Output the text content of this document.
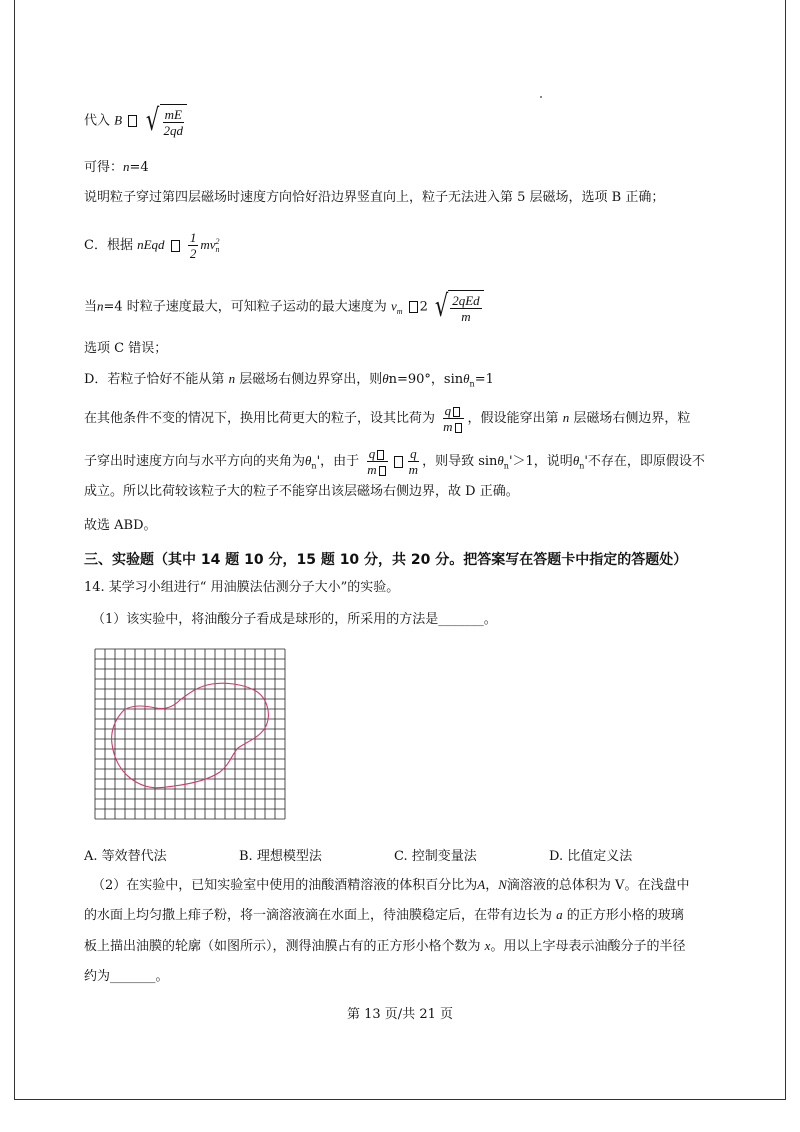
代入 B √ $\frac{mE}{2qd}$
可得：n=4
说明粒子穿过第四层磁场时速度方向恰好沿边界竖直向上，粒子无法进入第 5 层磁场，选项 B 正确；
C．根据 nEqd $\frac{1}{2}$ mv 2
n
当n=4 时粒子速度最大，可知粒子运动的最大速度为 $v_m$ 2 √ $\frac{\text{2qEd}}{m}$
选项 C 错误；
D．若粒子恰好不能从第 n 层磁场右侧边界穿出，则θn=90°，sinθ$_n$=1
在其他条件不变的情况下，换用比荷更大的粒子，设其比荷为 $\frac{q}{m}$ ，假设能穿出第 n 层磁场右侧边界，粒
子穿出时速度方向与水平方向的夹角为$\theta_n'$，由于 $\frac{q}{m} \frac{q}{m}$ ，则导致 sinθ$_n$'＞1，说明$\theta_n'$不存在，即原假设不
成立。所以比荷较该粒子大的粒子不能穿出该层磁场右侧边界，故 D 正确。
故选 ABD。
三、实验题（其中 14 题 10 分，15 题 10 分，共 20 分。把答案写在答题卡中指定的答题处）
14. 某学习小组进行“ 用油膜法估测分子大小”的实验。
（1）该实验中，将油酸分子看成是球形的，所采用的方法是_______。
A. 等效替代法	B. 理想模型法	C. 控制变量法	D. 比值定义法
（2）在实验中，已知实验室中使用的油酸酒精溶液的体积百分比为A，N滴溶液的总体积为 V。在浅盘中
的水面上均匀撒上痱子粉，将一滴溶液滴在水面上，待油膜稳定后，在带有边长为 a 的正方形小格的玻璃
板上描出油膜的轮廓（如图所示），测得油膜占有的正方形小格个数为 x。用以上字母表示油酸分子的半径
约为_______。
第 13 页/共 21 页
